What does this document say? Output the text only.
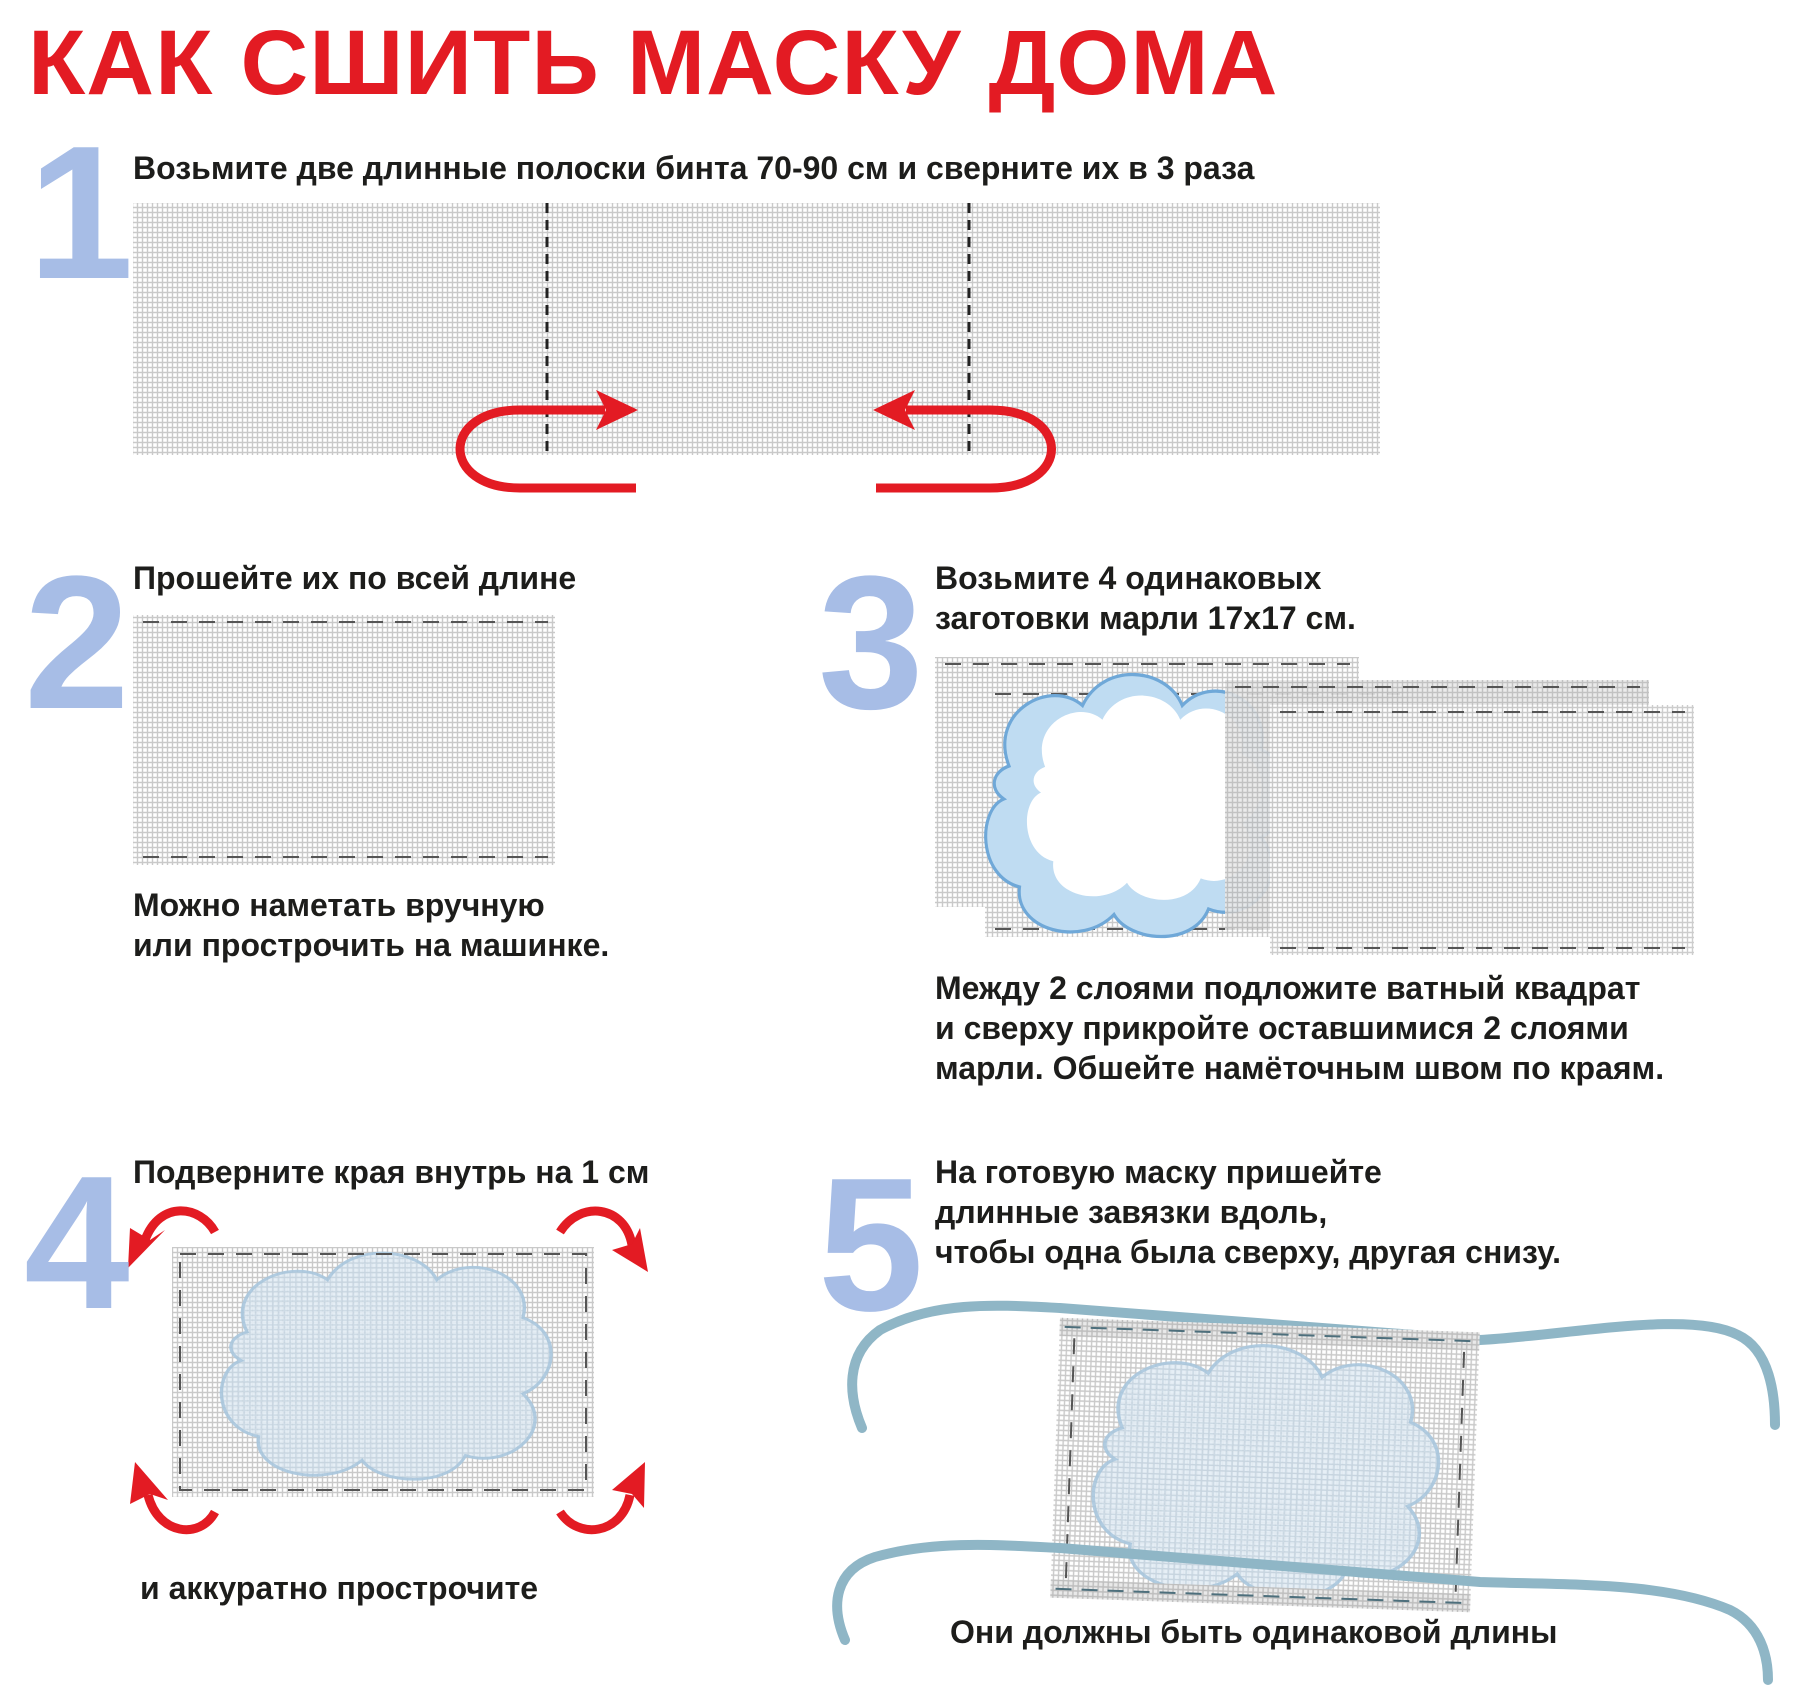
КАК СШИТЬ МАСКУ ДОМА
1 Возьмите две длинные полоски бинта 70-90 см и сверните их в 3 раза

2 Прошейте их по всей длине

Можно наметать вручную

или прострочить на машинке.

3 Возьмите 4 одинаковых

заготовки марли 17х17 см.

Между 2 слоями подложите ватный квадрат

и сверху прикройте оставшимися 2 слоями

марли. Обшейте намёточным швом по краям.

4 Подверните края внутрь на 1 см

и аккуратно прострочите

5 На готовую маску пришейте

длинные завязки вдоль,

чтобы одна была сверху, другая снизу.

Они должны быть одинаковой длины
